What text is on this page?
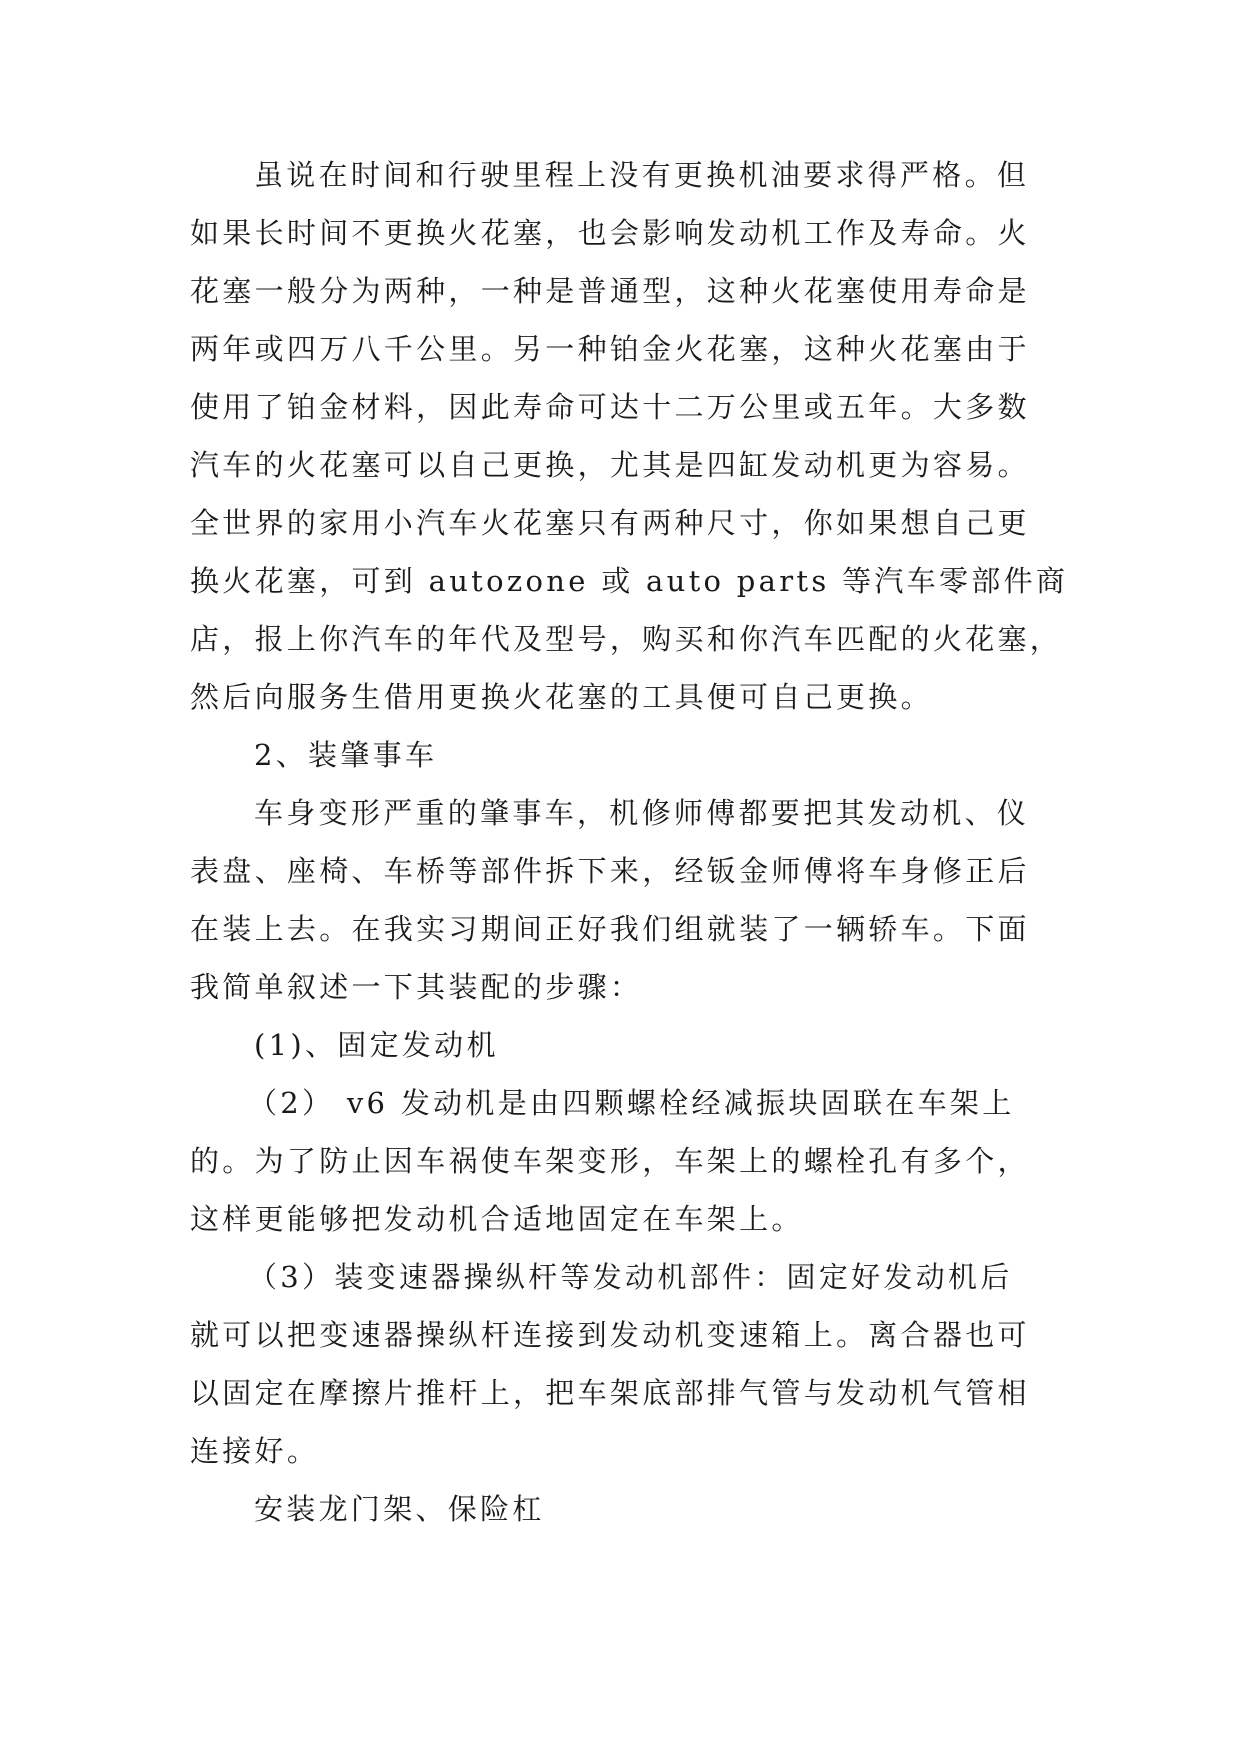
虽说在时间和行驶里程上没有更换机油要求得严格。但
如果长时间不更换火花塞，也会影响发动机工作及寿命。火
花塞一般分为两种，一种是普通型，这种火花塞使用寿命是
两年或四万八千公里。另一种铂金火花塞，这种火花塞由于
使用了铂金材料，因此寿命可达十二万公里或五年。大多数
汽车的火花塞可以自己更换，尤其是四缸发动机更为容易。
全世界的家用小汽车火花塞只有两种尺寸，你如果想自己更
换火花塞，可到 autozone 或 auto parts 等汽车零部件商
店，报上你汽车的年代及型号，购买和你汽车匹配的火花塞，
然后向服务生借用更换火花塞的工具便可自己更换。
2、装肇事车
车身变形严重的肇事车，机修师傅都要把其发动机、仪
表盘、座椅、车桥等部件拆下来，经钣金师傅将车身修正后
在装上去。在我实习期间正好我们组就装了一辆轿车。下面
我简单叙述一下其装配的步骤：
(1)、固定发动机
（2） v6 发动机是由四颗螺栓经减振块固联在车架上
的。为了防止因车祸使车架变形，车架上的螺栓孔有多个，
这样更能够把发动机合适地固定在车架上。
（3）装变速器操纵杆等发动机部件：固定好发动机后
就可以把变速器操纵杆连接到发动机变速箱上。离合器也可
以固定在摩擦片推杆上，把车架底部排气管与发动机气管相
连接好。
安装龙门架、保险杠
